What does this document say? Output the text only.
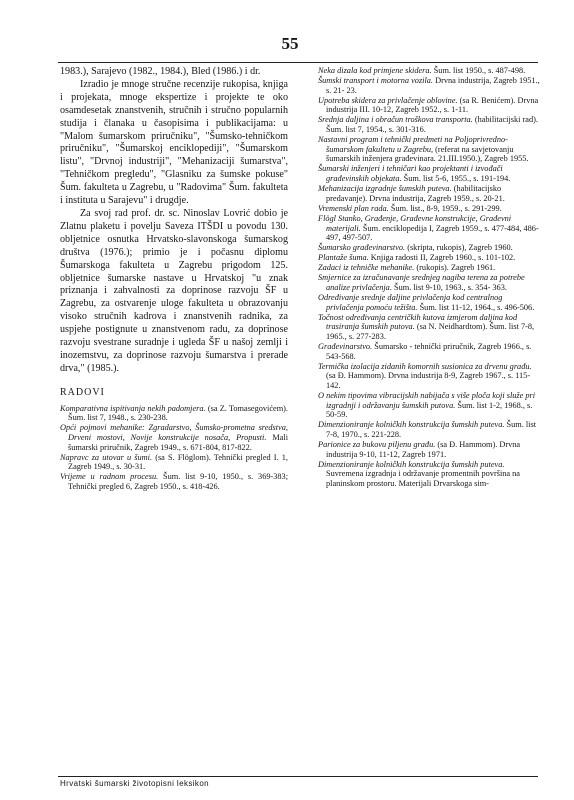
55

1983.), Sarajevo (1982., 1984.), Bled (1986.) i dr.

Izradio je mnoge stručne recenzije rukopisa, knjiga i projekata, mnoge ekspertize i projekte te oko osamdesetak znanstvenih, stručnih i stručno popularnih studija i članaka u časopisima i publikacijama: u "Malom šumarskom priručniku", "Šumsko-tehničkom priručniku", "Šumarskoj enciklopediji", "Šumarskom listu", "Drvnoj industriji", "Mehanizaciji šumarstva", "Tehničkom pregledu", "Glasniku za šumske pokuse" Šum. fakulteta u Zagrebu, u "Radovima" Šum. fakulteta i instituta u Sarajevu" i drugdje.

Za svoj rad prof. dr. sc. Ninoslav Lovrić dobio je Zlatnu plaketu i povelju Saveza ITŠDI u povodu 130. obljetnice osnutka Hrvatsko-slavonskoga šumarskog društva (1976.); primio je i počasnu diplomu Šumarskoga fakulteta u Zagrebu prigodom 125. obljetnice šumarske nastave u Hrvatskoj "u znak priznanja i zahvalnosti za doprinose razvoju ŠF u Zagrebu, za ostvarenje uloge fakulteta u obrazovanju visoko stručnih kadrova i znanstvenih radnika, za uspjehe postignute u znanstvenom radu, za doprinose razvoju svestrane suradnje i ugleda ŠF u našoj zemlji i inozemstvu, za doprinose razvoju šumarstva i prerade drva," (1985.).

RADOVI

Komparativna ispitivanja nekih padomjera. (sa Z. Tomasegovićem). Šum. list 7, 1948., s. 230-238.

Opći pojmovi mehanike: Zgradarstvo, Šumsko-prometna sredstva, Drveni mostovi, Novije konstrukcije nosača, Propusti. Mali šumarski priručnik, Zagreb 1949., s. 671-804, 817-822.

Napravc za utovar u šumi. (sa S. Flöglom). Tehnički pregled I. 1, Zagreb 1949., s. 30-31.

Vrijeme u radnom procesu. Šum. list 9-10, 1950., s. 369-383; Tehnički pregled 6, Zagreb 1950., s. 418-426.

Neka dizala kod primjene skidera. Šum. list 1950., s. 487-498.

Šumski transport i motorna vozila. Drvna industrija, Zagreb 1951., s. 21- 23.

Upotreba skidera za privlačenje oblovine. (sa R. Benićem). Drvna industrija III. 10-12, Zagreb 1952., s. 1-11.

Srednja daljina i obračun troškova transporta. (habilitacijski rad). Šum. list 7, 1954., s. 301-316.

Nastavni program i tehnički predmeti na Poljoprivredno-šumarskom fakultetu u Zagrebu, (referat na savjetovanju šumarskih inženjera građevinara. 21.III.1950.), Zagreb 1955.

Šumarski inženjeri i tehničari kao projektanti i izvođači građevinskih objekata. Šum. list 5-6, 1955., s. 191-194.

Mehanizacija izgradnje šumskih puteva. (habilitacijsko predavanje). Drvna industrija, Zagreb 1959., s. 20-21.

Vremenski plan rada. Šum. list., 8-9, 1959., s. 291-299.

Flögl Stanko, Građenje, Građevne konstrukcije, Građevni materijali. Šum. enciklopedija I, Zagreb 1959., s. 477-484, 486-497, 497-507.

Šumarsko građevinarstvo. (skripta, rukopis), Zagreb 1960.

Plantaže šuma. Knjiga radosti II, Zagreb 1960., s. 101-102.

Zadaci iz tehničke mehanike. (rukopis). Zagreb 1961.

Smjernice za izračunavanje srednjeg nagiba terena za potrebe analize privlačenja. Šum. list 9-10, 1963., s. 354- 363.

Određivanje srednje daljine privlačenja kod centralnog privlačenja pomoću težišta. Šum. list 11-12, 1964., s. 496-506.

Točnost određivanja centričkih kutova izmjerom daljina kod trasiranja šumskih putova. (sa N. Neidhardtom). Šum. list 7-8, 1965., s. 277-283.

Građevinarstvo. Šumarsko - tehnički priručnik, Zagreb 1966., s. 543-568.

Termička izolacija zidanih komornih susionica za drvenu građu. (sa Đ. Hammom). Drvna industrija 8-9, Zagreb 1967., s. 115-142.

O nekim tipovima vibracijskih nabijača s više ploča koji služe pri izgradnji i održavanju šumskih putova. Šum. list 1-2, 1968., s. 50-59.

Dimenzioniranje kolničkih konstrukcija šumskih puteva. Šum. list 7-8, 1970., s. 221-228.

Parionice za bukovu piljenu građu. (sa Đ. Hammom). Drvna industrija 9-10, 11-12, Zagreb 1971.

Dimenzioniranje kolničkih konstrukcija šumskih puteva. Suvremena izgradnja i održavanje promentnih površina na planinskom prostoru. Materijali Drvarskoga sim-

Hrvatski šumarski životopisni leksikon
